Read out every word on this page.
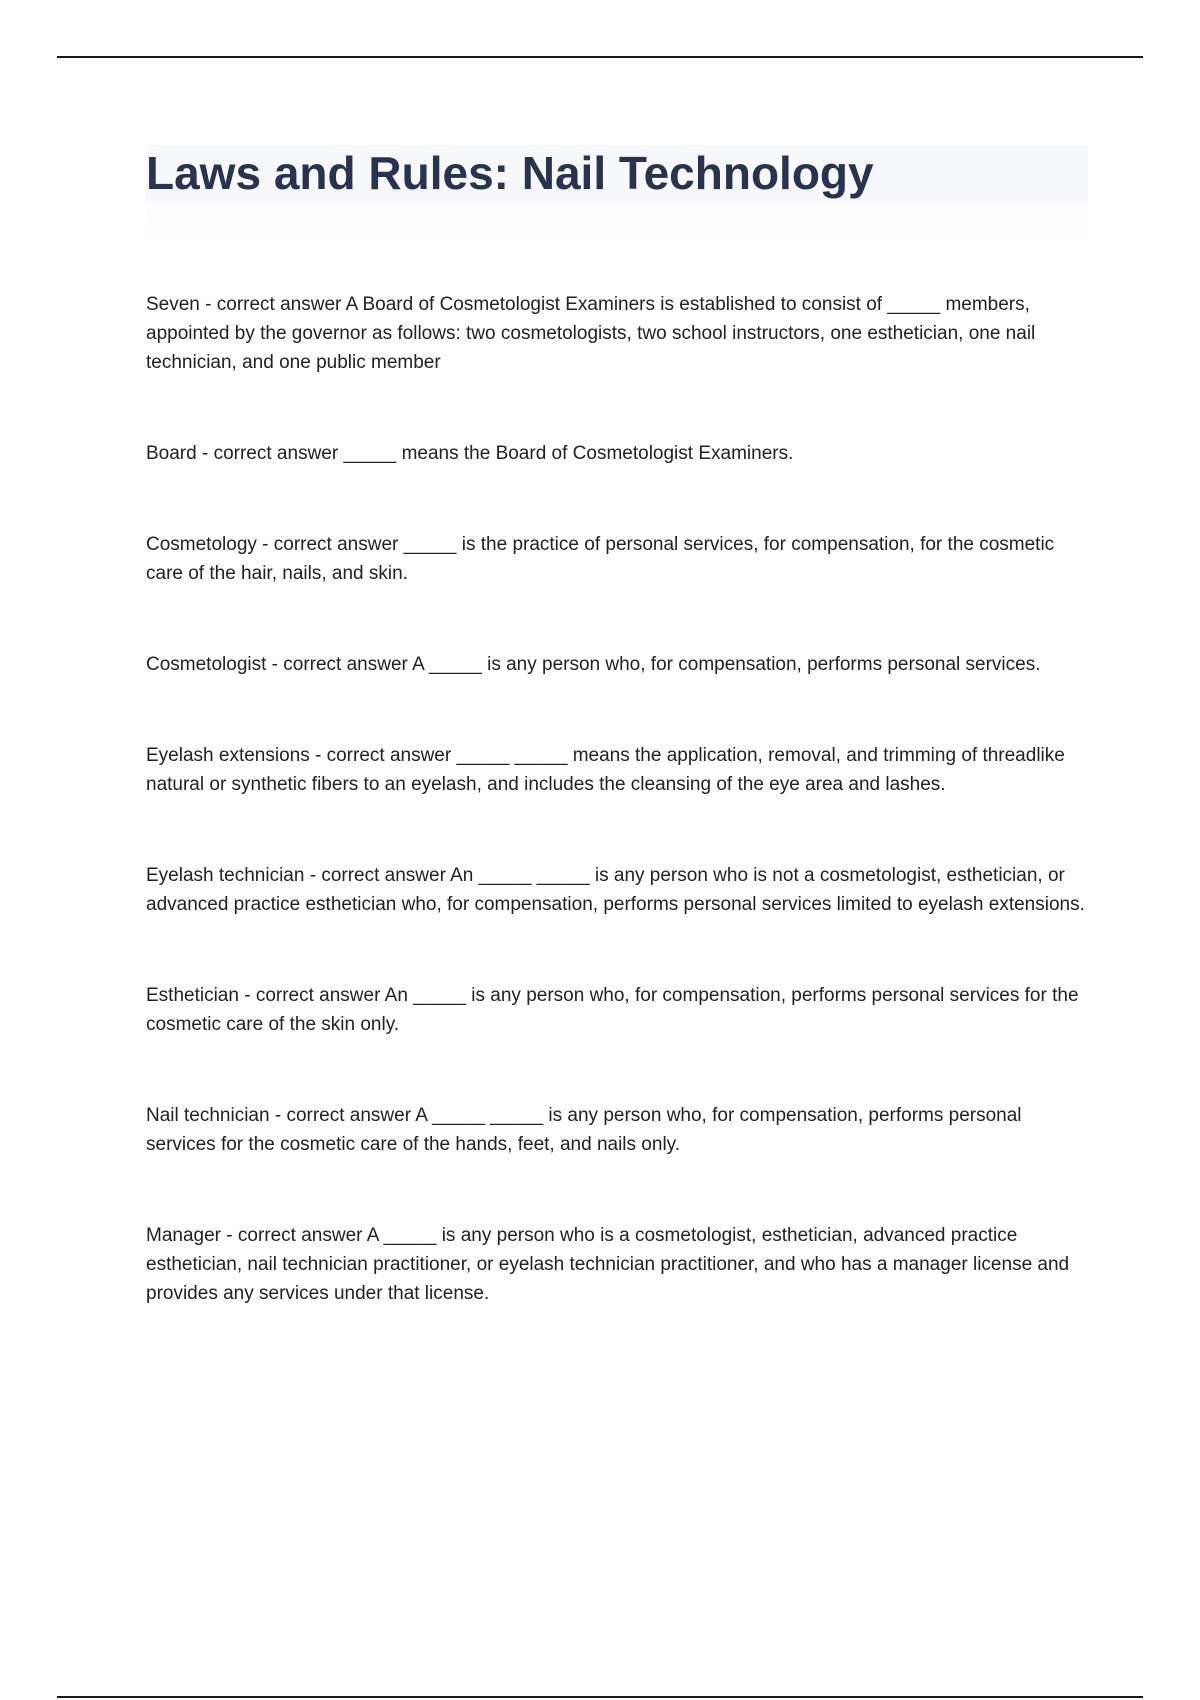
Laws and Rules: Nail Technology

Seven - correct answer A Board of Cosmetologist Examiners is established to consist of _____ members, appointed by the governor as follows: two cosmetologists, two school instructors, one esthetician, one nail technician, and one public member

Board - correct answer _____ means the Board of Cosmetologist Examiners.

Cosmetology - correct answer _____ is the practice of personal services, for compensation, for the cosmetic care of the hair, nails, and skin.

Cosmetologist - correct answer A _____ is any person who, for compensation, performs personal services.

Eyelash extensions - correct answer _____ _____ means the application, removal, and trimming of threadlike natural or synthetic fibers to an eyelash, and includes the cleansing of the eye area and lashes.

Eyelash technician - correct answer An _____ _____ is any person who is not a cosmetologist, esthetician, or advanced practice esthetician who, for compensation, performs personal services limited to eyelash extensions.

Esthetician - correct answer An _____ is any person who, for compensation, performs personal services for the cosmetic care of the skin only.

Nail technician - correct answer A _____ _____ is any person who, for compensation, performs personal services for the cosmetic care of the hands, feet, and nails only.

Manager - correct answer A _____ is any person who is a cosmetologist, esthetician, advanced practice esthetician, nail technician practitioner, or eyelash technician practitioner, and who has a manager license and provides any services under that license.
